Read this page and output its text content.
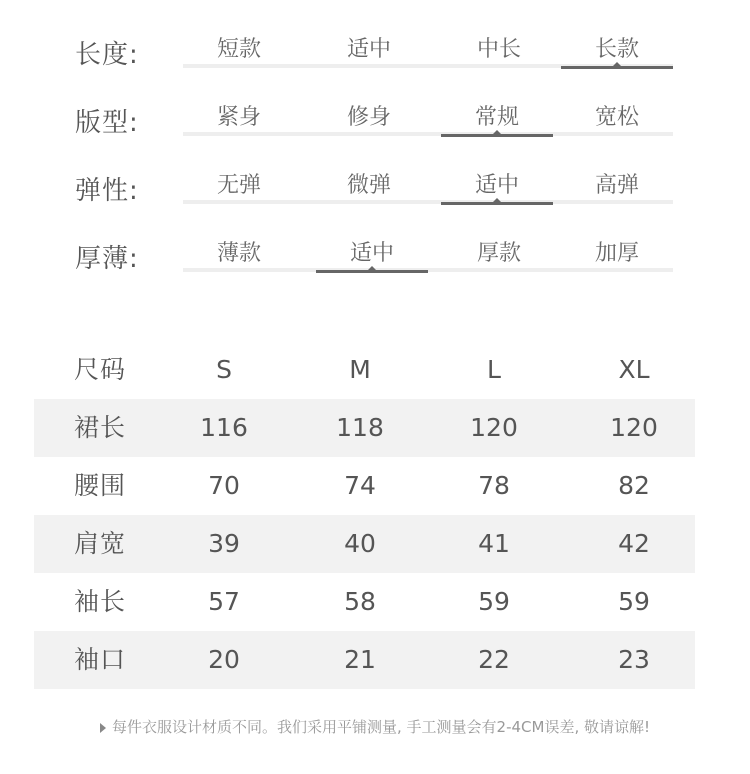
长度:	短款	适中	中长	长款
版型:	紧身	修身	常规	宽松
弹性:	无弹	微弹	适中	高弹
厚薄:	薄款	适中	厚款	加厚
尺码	S	M	L	XL
裙长	116	118	120	120
腰围	70	74	78	82
肩宽	39	40	41	42
袖长	57	58	59	59
袖口	20	21	22	23
每件衣服设计材质不同。我们采用平铺测量, 手工测量会有2-4CM误差, 敬请谅解!
